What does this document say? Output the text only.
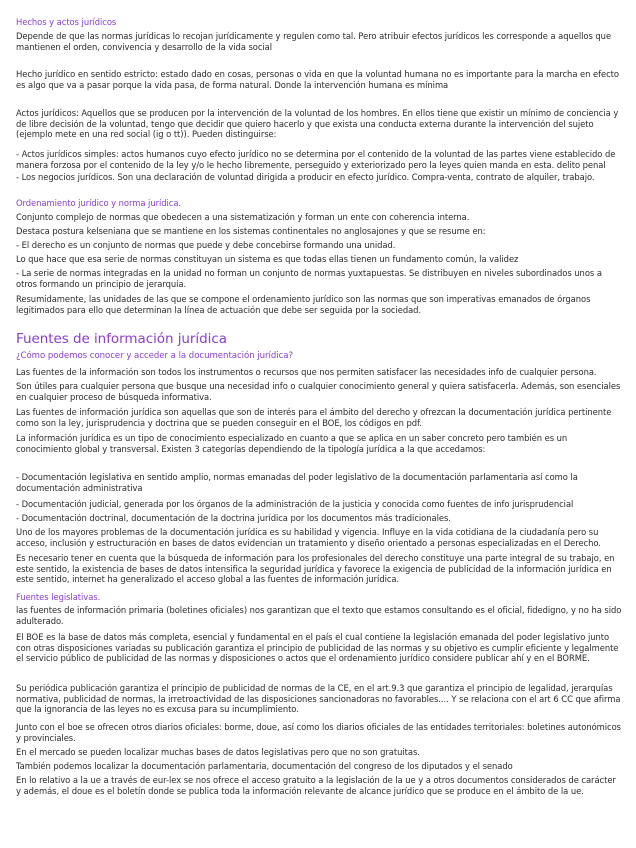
Hechos y actos jurídicos
Depende de que las normas jurídicas lo recojan jurídicamente y regulen como tal. Pero atribuir efectos jurídicos les corresponde a aquellos que mantienen el orden, convivencia y desarrollo de la vida social
Hecho jurídico en sentido estricto: estado dado en cosas, personas o vida en que la voluntad humana no es importante para la marcha en efecto es algo que va a pasar porque la vida pasa, de forma natural. Donde la intervención humana es mínima
Actos jurídicos: Aquellos que se producen por la intervención de la voluntad de los hombres. En ellos tiene que existir un mínimo de conciencia y de libre decisión de la voluntad, tengo que decidir que quiero hacerlo y que exista una conducta externa durante la intervención del sujeto (ejemplo mete en una red social (ig o tt)). Pueden distinguirse:
- Actos jurídicos simples: actos humanos cuyo efecto jurídico no se determina por el contenido de la voluntad de las partes viene establecido de manera forzosa por el contenido de la ley y/o le hecho libremente, perseguido y exteriorizado pero la leyes quien manda en esta. delito penal
- Los negocios jurídicos. Son una declaración de voluntad dirigida a producir en efecto jurídico. Compra-venta, contrato de alquiler, trabajo.
Ordenamiento jurídico y norma jurídica.
Conjunto complejo de normas que obedecen a una sistematización y forman un ente con coherencia interna.
Destaca postura kelseniana que se mantiene en los sistemas continentales no anglosajones y que se resume en:
- El derecho es un conjunto de normas que puede y debe concebirse formando una unidad.
Lo que hace que esa serie de normas constituyan un sistema es que todas ellas tienen un fundamento común, la validez
- La serie de normas integradas en la unidad no forman un conjunto de normas yuxtapuestas. Se distribuyen en niveles subordinados unos a otros formando un principio de jerarquía.
Resumidamente, las unidades de las que se compone el ordenamiento jurídico son las normas que son imperativas emanados de órganos legitimados para ello que determinan la línea de actuación que debe ser seguida por la sociedad.
Fuentes de información jurídica
¿Cómo podemos conocer y acceder a la documentación jurídica?
Las fuentes de la información son todos los instrumentos o recursos que nos permiten satisfacer las necesidades info de cualquier persona.
Son útiles para cualquier persona que busque una necesidad info o cualquier conocimiento general y quiera satisfacerla. Además, son esenciales en cualquier proceso de búsqueda informativa.
Las fuentes de información jurídica son aquellas que son de interés para el ámbito del derecho y ofrezcan la documentación jurídica pertinente como son la ley, jurisprudencia y doctrina que se pueden conseguir en el BOE, los códigos en pdf.
La información jurídica es un tipo de conocimiento especializado en cuanto a que se aplica en un saber concreto pero también es un conocimiento global y transversal. Existen 3 categorías dependiendo de la tipología jurídica a la que accedamos:
- Documentación legislativa en sentido amplio, normas emanadas del poder legislativo de la documentación parlamentaria así como la documentación administrativa
- Documentación judicial, generada por los órganos de la administración de la justicia y conocida como fuentes de info jurisprudencial
- Documentación doctrinal, documentación de la doctrina jurídica por los documentos más tradicionales.
Uno de los mayores problemas de la documentación jurídica es su habilidad y vigencia. Influye en la vida cotidiana de la ciudadanía pero su acceso, inclusión y estructuración en bases de datos evidencian un tratamiento y diseño orientado a personas especializadas en el Derecho.
Es necesario tener en cuenta que la búsqueda de información para los profesionales del derecho constituye una parte integral de su trabajo, en este sentido, la existencia de bases de datos intensifica la seguridad jurídica y favorece la exigencia de publicidad de la información jurídica en este sentido, internet ha generalizado el acceso global a las fuentes de información jurídica.
Fuentes legislativas.
las fuentes de información primaria (boletines oficiales) nos garantizan que el texto que estamos consultando es el oficial, fidedigno, y no ha sido adulterado.
El BOE es la base de datos más completa, esencial y fundamental en el país el cual contiene la legislación emanada del poder legislativo junto con otras disposiciones variadas su publicación garantiza el principio de publicidad de las normas y su objetivo es cumplir eficiente y legalmente el servicio público de publicidad de las normas y disposiciones o actos que el ordenamiento jurídico considere publicar ahí y en el BORME.
Su periódica publicación garantiza el principio de publicidad de normas de la CE, en el art.9.3 que garantiza el principio de legalidad, jerarquías normativa, publicidad de normas, la irretroactividad de las disposiciones sancionadoras no favorables.... Y se relaciona con el art 6 CC que afirma que la ignorancia de las leyes no es excusa para su incumplimiento.
Junto con el boe se ofrecen otros diarios oficiales: borme, doue, así como los diarios oficiales de las entidades territoriales: boletines autonómicos y provinciales.
En el mercado se pueden localizar muchas bases de datos legislativas pero que no son gratuitas.
También podemos localizar la documentación parlamentaria, documentación del congreso de los diputados y el senado
En lo relativo a la ue a través de eur-lex se nos ofrece el acceso gratuito a la legislación de la ue y a otros documentos considerados de carácter y además, el doue es el boletín donde se publica toda la información relevante de alcance jurídico que se produce en el ámbito de la ue.
